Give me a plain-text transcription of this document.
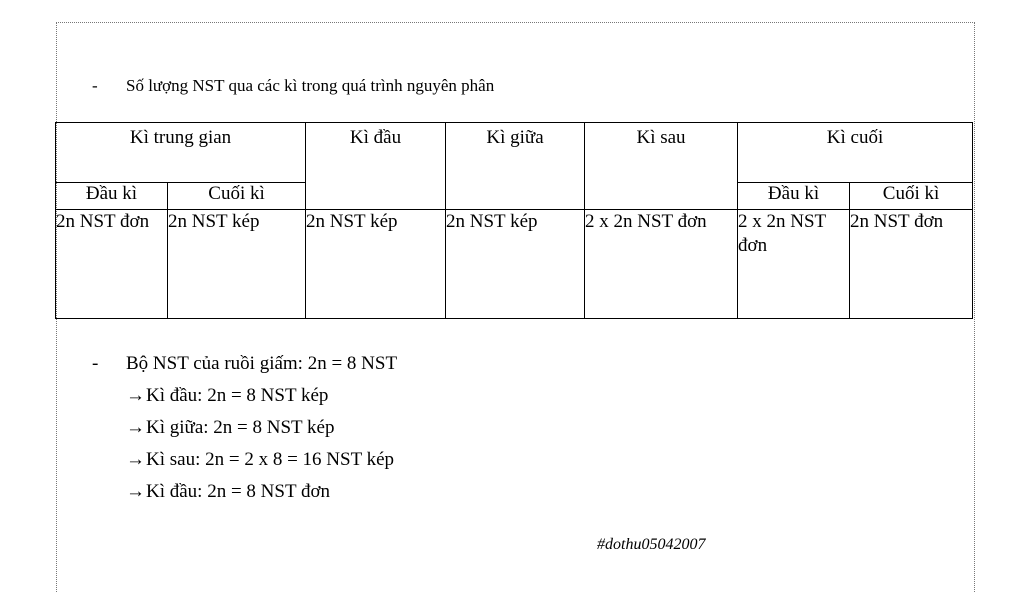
- Số lượng NST qua các kì trong quá trình nguyên phân
Kì trung gian		Kì đầu	Kì giữa	Kì sau	Kì cuối	
Đầu kì	Cuối kì				Đầu kì	Cuối kì
2n NST đơn	2n NST kép	2n NST kép	2n NST kép	2 x 2n NST đơn	2 x 2n NST đơn	2n NST đơn
- Bộ NST của ruồi giấm: 2n = 8 NST
→Kì đầu: 2n = 8 NST kép
→Kì giữa: 2n = 8 NST kép
→Kì sau: 2n = 2 x 8 = 16 NST kép
→Kì đầu: 2n = 8 NST đơn
#dothu05042007
